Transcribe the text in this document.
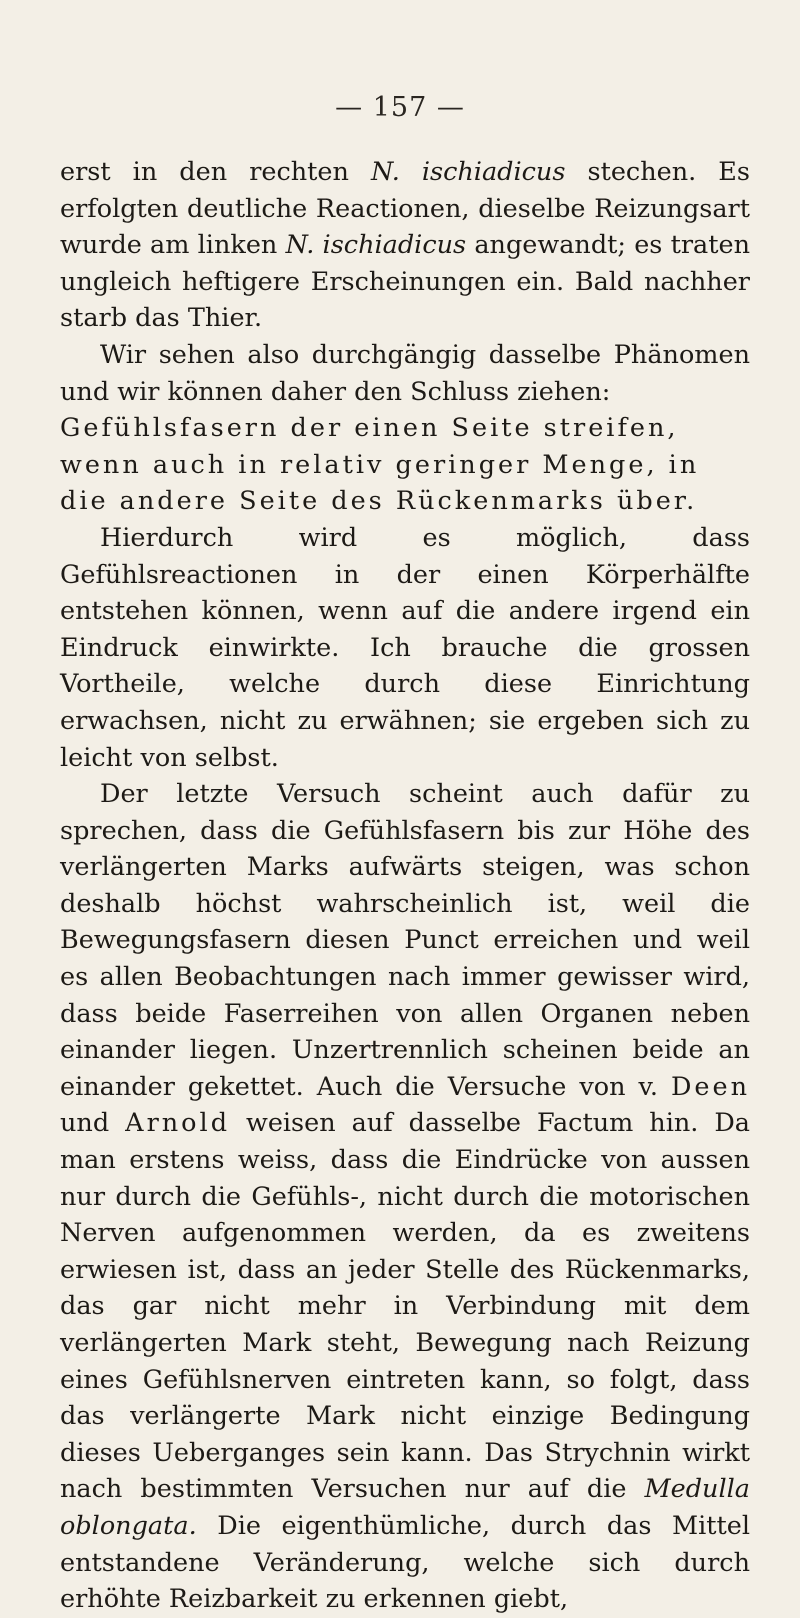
— 157 —

erst in den rechten N. ischiadicus stechen. Es erfolgten deutliche Reactionen, dieselbe Reizungsart wurde am linken N. ischiadicus angewandt; es traten ungleich heftigere Erscheinungen ein. Bald nachher starb das Thier.

Wir sehen also durchgängig dasselbe Phänomen und wir können daher den Schluss ziehen:

Gefühlsfasern der einen Seite streifen, wenn auch in relativ geringer Menge, in die andere Seite des Rückenmarks über.

Hierdurch wird es möglich, dass Gefühlsreactionen in der einen Körperhälfte entstehen können, wenn auf die andere irgend ein Eindruck einwirkte. Ich brauche die grossen Vortheile, welche durch diese Einrichtung erwachsen, nicht zu erwähnen; sie ergeben sich zu leicht von selbst.

Der letzte Versuch scheint auch dafür zu sprechen, dass die Gefühlsfasern bis zur Höhe des verlängerten Marks aufwärts steigen, was schon deshalb höchst wahrscheinlich ist, weil die Bewegungsfasern diesen Punct erreichen und weil es allen Beobachtungen nach immer gewisser wird, dass beide Faserreihen von allen Organen neben einander liegen. Unzertrennlich scheinen beide an einander gekettet. Auch die Versuche von v. Deen und Arnold weisen auf dasselbe Factum hin. Da man erstens weiss, dass die Eindrücke von aussen nur durch die Gefühls-, nicht durch die motorischen Nerven aufgenommen werden, da es zweitens erwiesen ist, dass an jeder Stelle des Rückenmarks, das gar nicht mehr in Verbindung mit dem verlängerten Mark steht, Bewegung nach Reizung eines Gefühlsnerven eintreten kann, so folgt, dass das verlängerte Mark nicht einzige Bedingung dieses Ueberganges sein kann. Das Strychnin wirkt nach bestimmten Versuchen nur auf die Medulla oblongata. Die eigenthümliche, durch das Mittel entstandene Veränderung, welche sich durch erhöhte Reizbarkeit zu erkennen giebt,
